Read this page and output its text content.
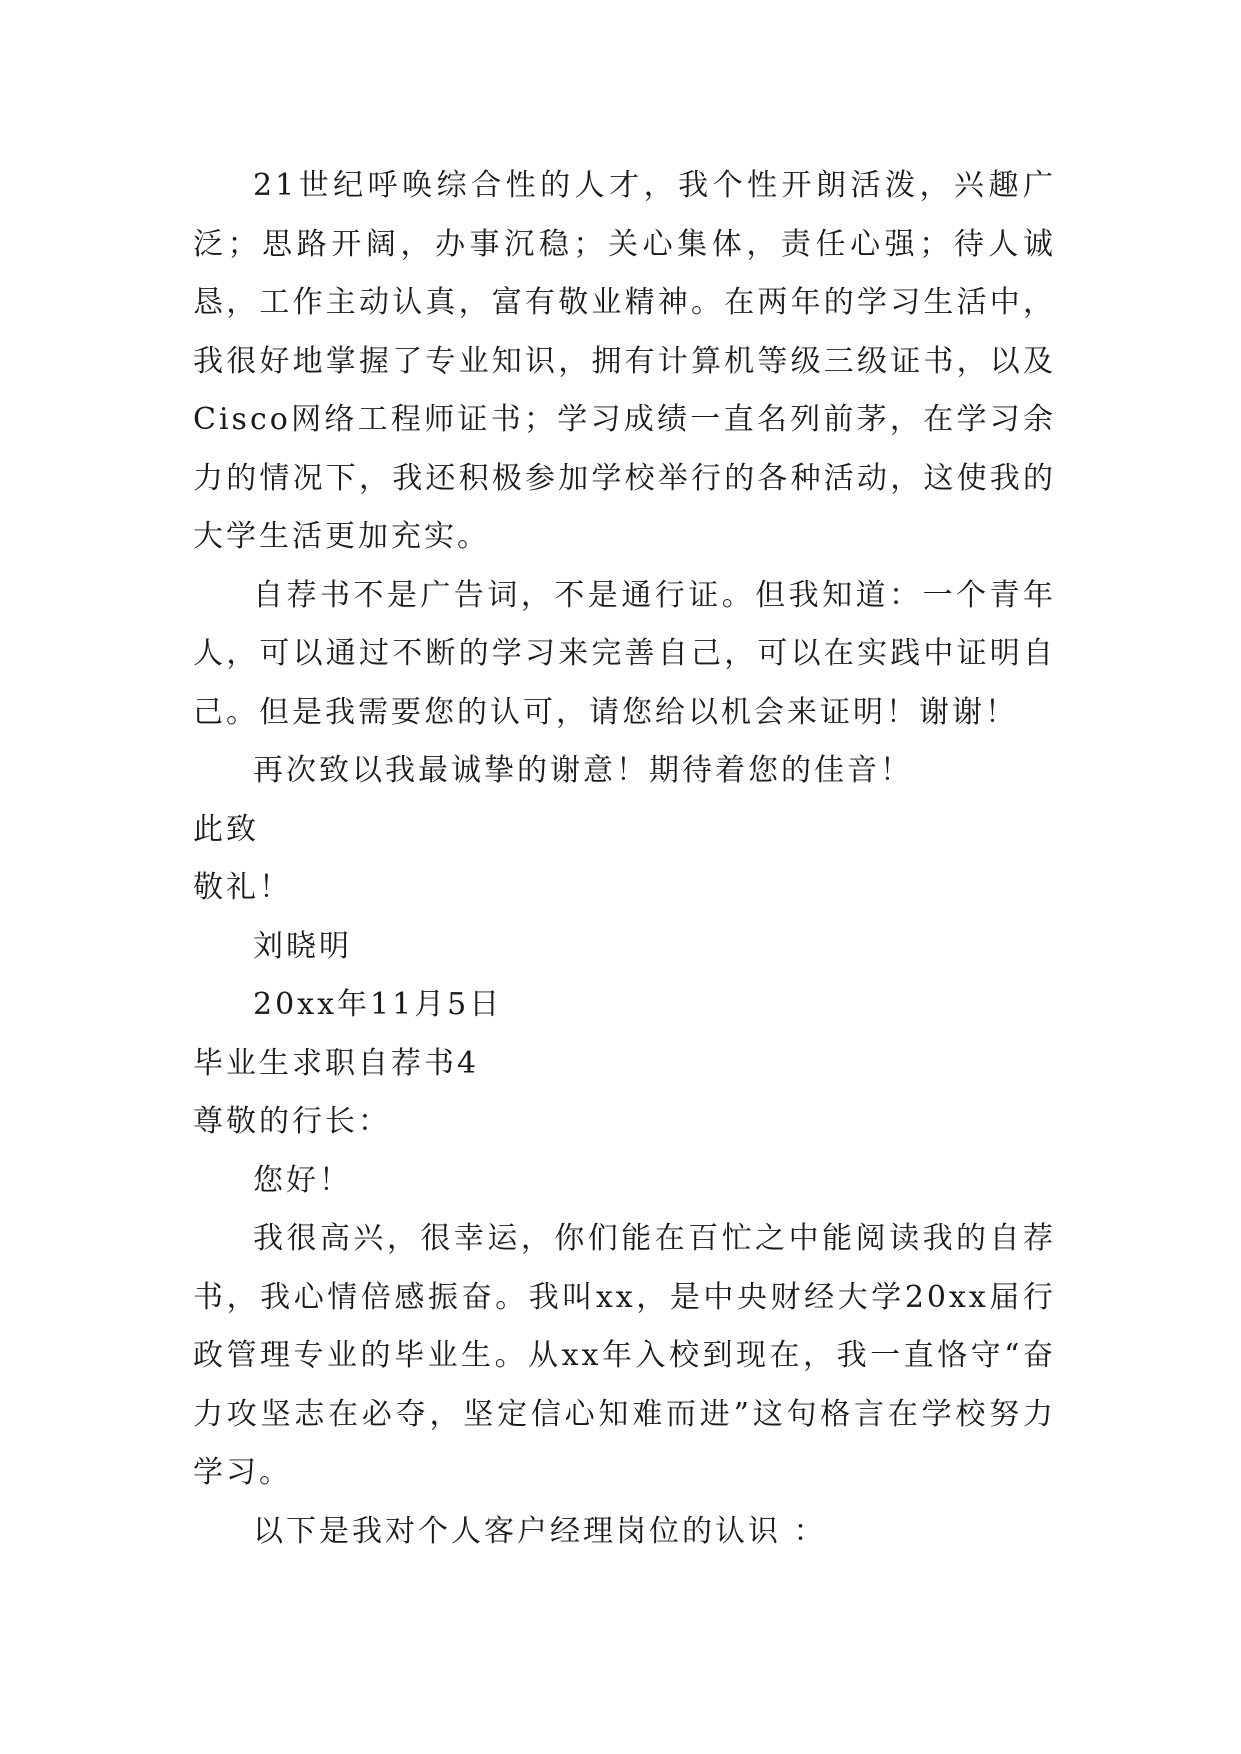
21世纪呼唤综合性的人才，我个性开朗活泼，兴趣广泛；思路开阔，办事沉稳；关心集体，责任心强；待人诚恳，工作主动认真，富有敬业精神。在两年的学习生活中，我很好地掌握了专业知识，拥有计算机等级三级证书，以及Cisco网络工程师证书；学习成绩一直名列前茅，在学习余力的情况下，我还积极参加学校举行的各种活动，这使我的大学生活更加充实。

自荐书不是广告词，不是通行证。但我知道：一个青年人，可以通过不断的学习来完善自己，可以在实践中证明自己。但是我需要您的认可，请您给以机会来证明！谢谢！

再次致以我最诚挚的谢意！期待着您的佳音！

此致

敬礼！

刘晓明

20xx年11月5日

毕业生求职自荐书4

尊敬的行长：

您好！

我很高兴，很幸运，你们能在百忙之中能阅读我的自荐书，我心情倍感振奋。我叫xx，是中央财经大学20xx届行政管理专业的毕业生。从xx年入校到现在，我一直恪守“奋力攻坚志在必夺，坚定信心知难而进”这句格言在学校努力学习。

以下是我对个人客户经理岗位的认识 ：
